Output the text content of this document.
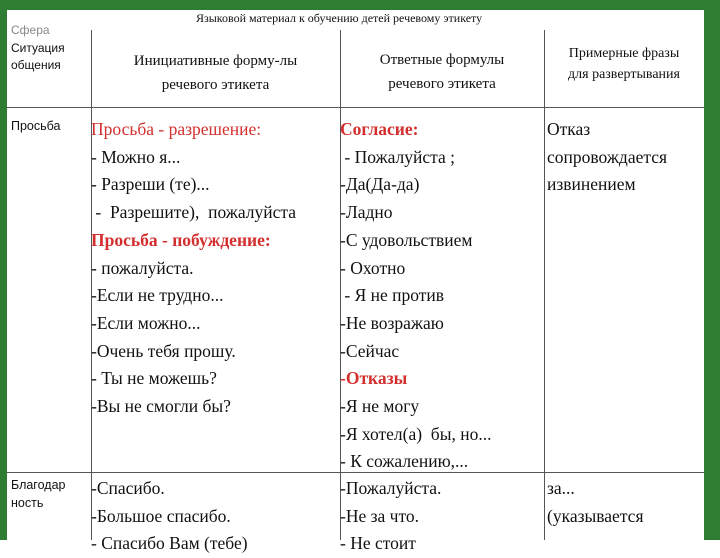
Языковой материал к обучению детей речевому этикету
Сфера
Ситуация
общения	Инициативные форму-лы
речевого этикета
Ответные формулы
речевого этикета
Примерные фразы
для развертывания
Просьба Просьба - разрешение:
- Можно я...
- Разреши (те)...
-  Разрешите),  пожалуйста
Просьба - побуждение:
- пожалуйста.
-Если не трудно...
-Если можно...
-Очень тебя прошу.
- Ты не можешь?
-Вы не смогли бы?
Согласие:
- Пожалуйста ;
-Да(Да-да)
-Ладно
-С удовольствием
- Охотно
- Я не против
-Не возражаю
-Сейчас
-Отказы
-Я не могу
-Я хотел(а)  бы, но...
- К сожалению,...
Отказ
сопровождается
извинением
Благодар
ность
-Спасибо.
-Большое спасибо.
- Спасибо Вам (тебе)
-Пожалуйста.
-Не за что.
- Не стоит
за...
(указывается
